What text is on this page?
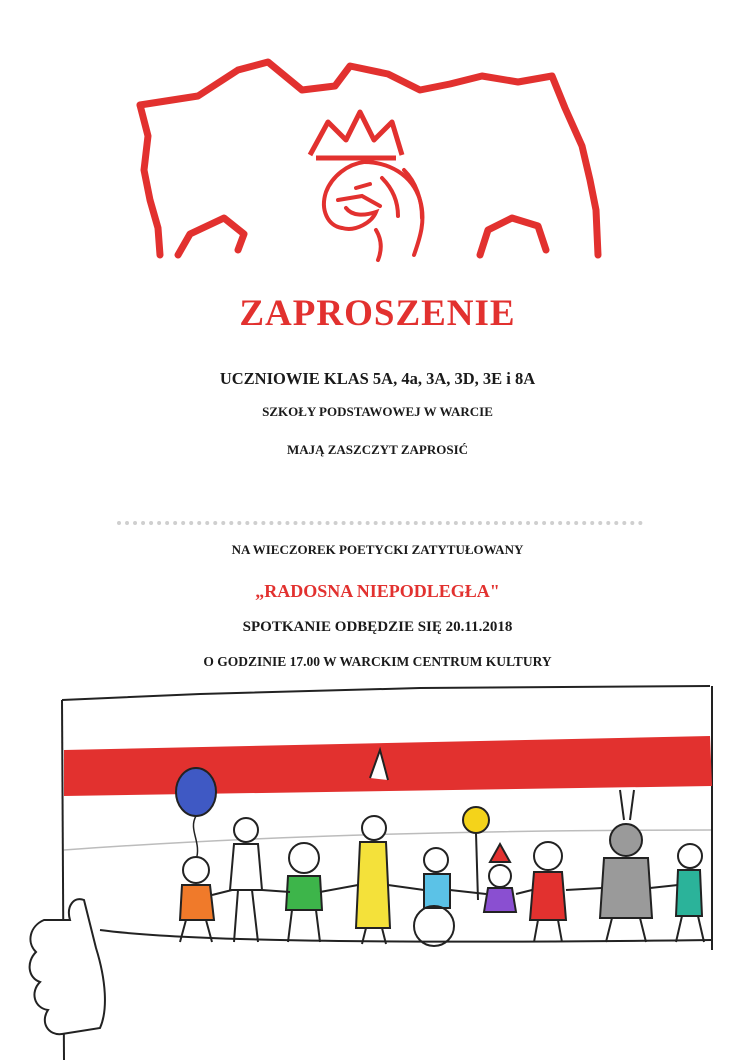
ZAPROSZENIE
UCZNIOWIE KLAS 5A, 4a, 3A, 3D, 3E i 8A
SZKOŁY PODSTAWOWEJ W WARCIE
MAJĄ ZASZCZYT ZAPROSIĆ
NA WIECZOREK POETYCKI ZATYTUŁOWANY
„RADOSNA NIEPODLEGŁA"
SPOTKANIE ODBĘDZIE SIĘ 20.11.2018
O GODZINIE 17.00 W WARCKIM CENTRUM KULTURY
